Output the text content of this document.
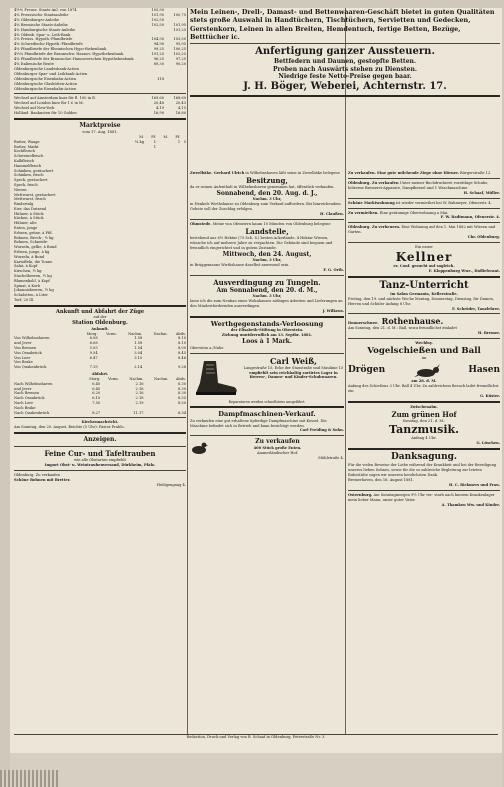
4½% Preuss. Staats-Anl. von 1874	105,50
4% Preussische Staatsanleihe	101,95	100,75
4% Oldenburger Anleihe	102,50
4% Bremische Staats-Anleihe	102,50	101,95
4% Hamburgische Staats-Anleihe	101,25
4% Oldenb. Spar- u. Leih-Bank
5% Preuss. Hypoth.-Pfandbriefe	104,50	103,50
4% Schwedische Hypoth.-Pfandbriefe	94,90	95,95
4% Pfandbriefe der Rheinischen Hypo-thekenbank	99,25	100,25
4½% Pfandbriefe der Braunschw. Hannov. Hypothekenbank	101,25	102,25
4% Pfandbriefe der Braunschw.-Hannoverschen Hypothekenbank	96,25	97,25
4% Italienische Rente	89,30	90,20
Oldenburgische Landesbank-Actien
Oldenburger Spar- und Leihbank-Actien
Oldenburgische Eisenbahn-Actien	118
Oldenburgische Glashütten-Actien
Oldenburgische Eisenbahn-Actien
Wechsel auf Amsterdam kurz für fl. 100 in fl.	169,60	168,60
Wechsel auf London kurz für 1 £ in M.	20,48	20,43
Wechsel auf New-York	4,19	4,15
Holländ. Banknoten für 10 Gulden	16,90	16,80
Marktpreise
vom 17. Aug. 1881.
	M.	Pf.	M.	Pf.	
Butter, Waage	¼ kg	1		1	5
Butter, Markt		1			
Kochfleisch					
Schweinefleisch					
Kalbfleisch					
Hammelfleisch					
Schinken, geräuchert					
Schinken, frisch					
Speck, geräuchert					
Speck, frisch					
Nieren					
Mettwurst, geräuchert					
Mettwurst, frisch					
Rindertalg					
Eier, das Dutzend					
Hühner, à Stück					
Kücken, à Stück					
Hühner, alte					
Enten, junge					
Erbsen, grüne, à Pfd.					
Bohnen, Brech-, ½ kg					
Bohnen, Schneide-					
Wurzeln, gelbe, à Bund					
Erbsen, junge, à kg					
Wurzeln, à Bund					
Kartoffeln, die Tonne					
Salat, à Kopf					
Kirschen, ½ kg					
Stachelbeeren, ½ kg					
Blumenkohl, à Kopf					
Spinat, à Korb					
Johannisbeeren, ½ kg					
Schalotten, à Liter					
Torf, 20 Ill.					
Ankunft und Abfahrt der Züge
auf der
Station Oldenburg.
Ankunft.
	Morg.	Vorm.	Nachm.	Nachm.	Abds.
Von Wilhelmshaven	6.08		1.58		8.10
und Jever	6.08		1.58		8.10
Von Bremen	5.05		1.54		8.00
Von Osnabrück	9.54		3.04		8.45
Von Leer	6.47		3.10		8.46
Von Brake					
Von Quakenbrück	7.19		2.14		9.28
Abfahrt.
	Morg.	Vorm.	Nachm.	Nachm.	Abds.
Nach Wilhelmshaven	6.40		2.16		8.30
und Jever	6.40		2.16		8.30
Nach Bremen	6.20		2.16		8.30
Nach Osnabrück	6.10		2.18		8.55
Nach Leer	7.50		2.19		8.50
Nach Brake					
Nach Quakenbrück	8.27		11.17		6.34
Kirchennachricht.
Am Sonntag, den 20. August. Beichte (5 Uhr): Pastor Prahlo.
Anzeigen.
Feine Cur- und Tafeltrauben
wie alle Obstarten empfiehlt
Import Obst- u. Weintraubenversand, Dürkheim, Pfalz.
Oldenburg. Zu verkaufen
Schöne Bohnen mit Bretter.
Heiligengang 4.
Mein Leinen-, Drell-, Damast- und Bettenwaaren-Geschäft bietet in guten Qualitäten stets große Auswahl in Handtüchern, Tischtüchern, Servietten und Gedecken, Gerstenkorn, Leinen in allen Breiten, Hemdentuch, fertige Betten, Bezüge, Betttücher ic.
Anfertigung ganzer Aussteuern.
Bettfedern und Daunen, gestopfte Betten.
Proben nach Auswärts stehen zu Diensten.
Niedrige feste Netto-Preise gegen baar.
J. H. Böger, Weberei, Achternstr. 17.
Zweelbäke. Gerhard Ulrich in Wilhelmshaven läßt seine in Zweelbäke belegene
Besitzung,
da er seinen Aufenthalt in Wilhelmshaven genommen hat, öffentlich verkaufen.
Sonnabend, den 20. Aug. d. J.,
Nachm. 3 Uhr,
in Henkels Wirthshause zu Oldenburg zum Verkauf auffordern. Bei hinreichendem Gebote soll der Zuschlag erfolgen.
H. Claußen.
Ohmstede. Meine von Ofenstern kaum 10 Minuten von Oldenburg belegene
Landstelle,
bestehend aus 6½ Hektar (75 Sch. S.) besten Ackerlande, 4 Hektar Wiesen, wünsche ich auf mehrere Jahre zu verpachten. Die Gebäude sind bequem und freundlich eingerichtet und in gutem Zustande.
Mittwoch, den 24. August,
Nachm. 3 Uhr,
in Brüggemanns Wirthshause daselbst anwesend sein.
F. G. Orth.
Ausverdingung zu Tungeln.
Am Sonnabend, den 20. d. M.,
Nachm. 3 Uhr,
lasse ich die zum Neubau eines Wohnhauses nöthigen Arbeiten und Lieferungen an den Mindestfordernden ausverdingen.
J. Wilkens.
Werthgegenstands-Verloosung
der Elisabeth-Stiftung in Oberstein.
Ziehung unwiderruflich am 13. Septbr. 1881.
Loos à 1 Mark.
Oberstein a./Nahe.
Carl Weiß,
Langestraße 15, Ecke der Staustraße und Staulinie 15
empfiehlt sein reichhaltig sortirtes Lager in Herren-, Damen- und Kinder-Schuhwaaren.
Reparaturen werden schnellstens ausgeführt.
Dampfmaschinen-Verkauf.
Zu verkaufen eine gut erhaltene 6pferdige Dampfmaschine mit Kessel. Die Maschine befindet sich in Betrieb und kann besichtigt werden.
Carl Freiding & Sohn.
Zu verkaufen
400 Stück große Enten.
Ammerländischer Hof.
Mühlstraße 4.
Zu verkaufen. Eine gute milchende Ziege ohne Hörner. Bürgerstraße 12.
Oldenburg. Zu verkaufen Unter meiner Buchdruckerei vorräthige Schuhe, hölzerne Bremerei-Apparate, Dampfkessel und 1 Waschmaschine.
H. Schaaf, Müller.
Schöne Marktwohnung ist wieder vermiethet bei W. Rahmeyer, Ofenerstr. 4.
Zu vermiethen. Eine geräumige Oberwohnung a Mai.
F. W. Radtmann, Ofenerstr. 4.
Oldenburg. Zu verheuern. Eine Wohnung auf den 1. Mai 1882 mit Wiesen und Garten.
Chr. Oldenburg.
Ein neuer
Kellner
ev. Conf. gesucht auf sogleich.
F. Kloppenburg Wwe., Hoflieferant.
Tanz-Unterricht
im Salon Germania, Kellerstraße.
Freitag, den 19. und nächste Woche Montag, Donnerstag, Dienstag, für Damen, Herren und Schüler Anfang 8 Uhr.
F. Schröder, Tanzlehrer.
Donnerschwee. Rothenhause.
Am Sonntag, den 21. d. M.: Ball, wozu freundlichst einladet
H. Bremer.
Wechloy.
Vogelschießen und Ball
im
Drögen	Hasen
am 28. d. M.
Anfang des Schießens 3 Uhr. Ball 4 Uhr. Zu zahlreichem Besuch ladet freundlichst ein
G. Küster.
Zwischenahn.
Zum grünen Hof
Sonntag, den 21. d. M.:
Tanzmusik.
Anfang 4 Uhr.
G. Lüschen.
Danksagung.
Für die vielen Beweise der Liebe während der Krankheit und bei der Beerdigung unseres lieben Sohnes, sowie für die so zahlreiche Begleitung zur letzten Ruhestätte sagen wir unseren herzlichsten Dank.
Bremerhaven, den 16. August 1881.
H. C. Rickmers und Frau.
Osternburg. Am Sonntagmorgen 9½ Uhr ver- starb nach kurzem Krankenlager mein lieber Mann, unser guter Vater.
A. Thamken Ww. und Kinder.
Redaction, Druck und Verlag von B. Schaaf in Oldenburg, Peterstraße Nr. 3.
